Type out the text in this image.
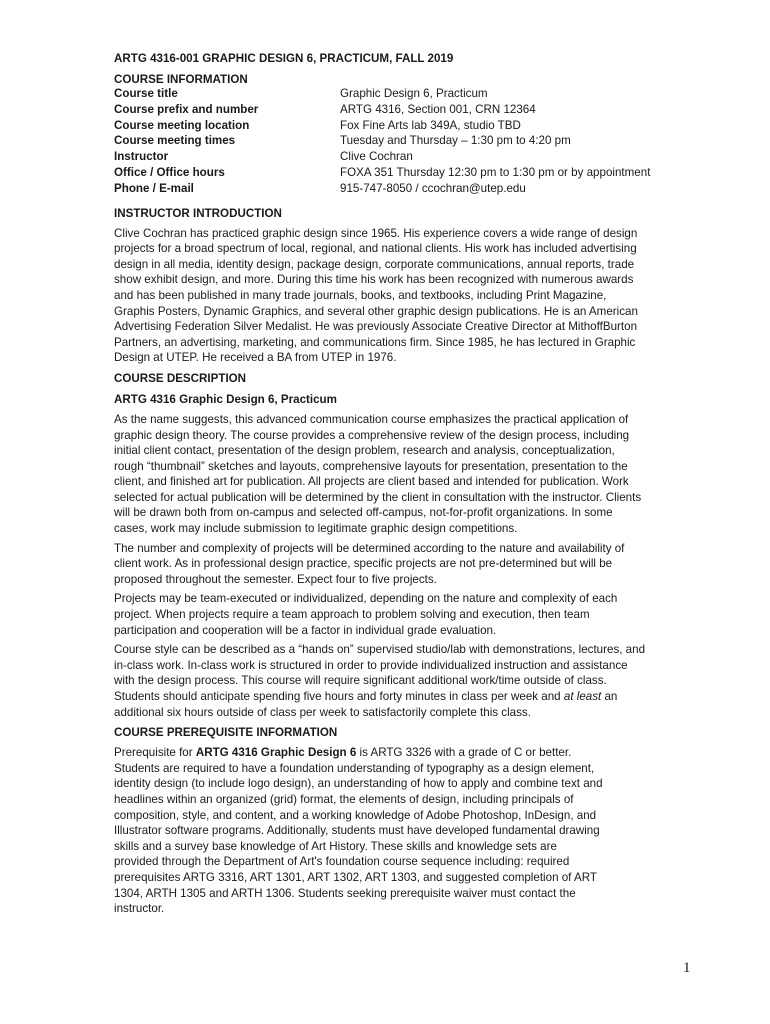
ARTG 4316-001 GRAPHIC DESIGN 6, PRACTICUM, FALL 2019
COURSE INFORMATION
Course title	Graphic Design 6, Practicum
Course prefix and number	ARTG 4316, Section 001, CRN 12364
Course meeting location	Fox Fine Arts lab 349A, studio TBD
Course meeting times	Tuesday and Thursday – 1:30 pm to 4:20 pm
Instructor	Clive Cochran
Office / Office hours	FOXA 351 Thursday 12:30 pm to 1:30 pm or by appointment
Phone / E-mail	915-747-8050 / ccochran@utep.edu
INSTRUCTOR INTRODUCTION

Clive Cochran has practiced graphic design since 1965. His experience covers a wide range of design
projects for a broad spectrum of local, regional, and national clients. His work has included advertising
design in all media, identity design, package design, corporate communications, annual reports, trade
show exhibit design, and more. During this time his work has been recognized with numerous awards
and has been published in many trade journals, books, and textbooks, including Print Magazine,
Graphis Posters, Dynamic Graphics, and several other graphic design publications. He is an American
Advertising Federation Silver Medalist. He was previously Associate Creative Director at MithoffBurton
Partners, an advertising, marketing, and communications firm. Since 1985, he has lectured in Graphic
Design at UTEP. He received a BA from UTEP in 1976.

COURSE DESCRIPTION
ARTG 4316 Graphic Design 6, Practicum

As the name suggests, this advanced communication course emphasizes the practical application of
graphic design theory. The course provides a comprehensive review of the design process, including
initial client contact, presentation of the design problem, research and analysis, conceptualization,
rough “thumbnail” sketches and layouts, comprehensive layouts for presentation, presentation to the
client, and finished art for publication. All projects are client based and intended for publication. Work
selected for actual publication will be determined by the client in consultation with the instructor. Clients
will be drawn both from on-campus and selected off-campus, not-for-profit organizations. In some
cases, work may include submission to legitimate graphic design competitions.

The number and complexity of projects will be determined according to the nature and availability of
client work. As in professional design practice, specific projects are not pre-determined but will be
proposed throughout the semester. Expect four to five projects.

Projects may be team-executed or individualized, depending on the nature and complexity of each
project. When projects require a team approach to problem solving and execution, then team
participation and cooperation will be a factor in individual grade evaluation.

Course style can be described as a “hands on” supervised studio/lab with demonstrations, lectures, and
in-class work. In-class work is structured in order to provide individualized instruction and assistance
with the design process. This course will require significant additional work/time outside of class.
Students should anticipate spending five hours and forty minutes in class per week and at least an
additional six hours outside of class per week to satisfactorily complete this class.

COURSE PREREQUISITE INFORMATION

Prerequisite for ARTG 4316 Graphic Design 6 is ARTG 3326 with a grade of C or better.
Students are required to have a foundation understanding of typography as a design element,
identity design (to include logo design), an understanding of how to apply and combine text and
headlines within an organized (grid) format, the elements of design, including principals of
composition, style, and content, and a working knowledge of Adobe Photoshop, InDesign, and
Illustrator software programs. Additionally, students must have developed fundamental drawing
skills and a survey base knowledge of Art History. These skills and knowledge sets are
provided through the Department of Art's foundation course sequence including: required
prerequisites ARTG 3316, ART 1301, ART 1302, ART 1303, and suggested completion of ART
1304, ARTH 1305 and ARTH 1306. Students seeking prerequisite waiver must contact the
instructor.

1
